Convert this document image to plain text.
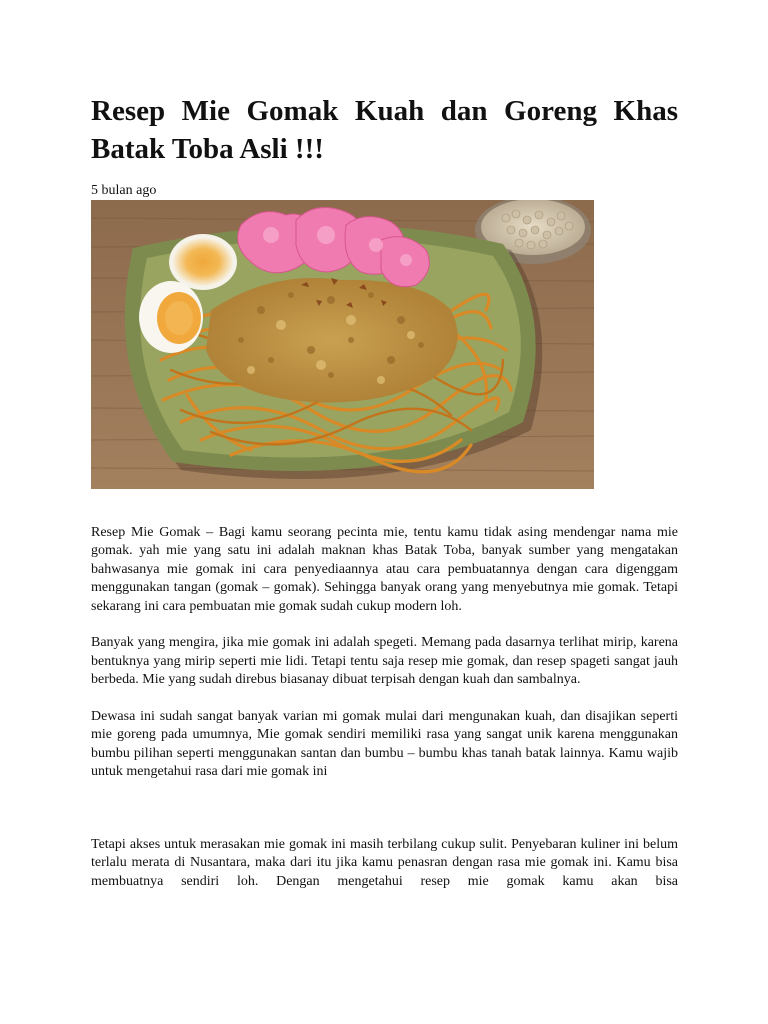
Resep Mie Gomak Kuah dan Goreng Khas Batak Toba Asli !!!
5 bulan ago

Resep Mie Gomak – Bagi kamu seorang pecinta mie, tentu kamu tidak asing mendengar nama mie gomak. yah mie yang satu ini adalah maknan khas Batak Toba, banyak sumber yang mengatakan bahwasanya mie gomak ini cara penyediaannya atau cara pembuatannya dengan cara digenggam menggunakan tangan (gomak – gomak). Sehingga banyak orang yang menyebutnya mie gomak. Tetapi sekarang ini cara pembuatan mie gomak sudah cukup modern loh.

Banyak yang mengira, jika mie gomak ini adalah spegeti. Memang pada dasarnya terlihat mirip, karena bentuknya yang mirip seperti mie lidi. Tetapi tentu saja resep mie gomak, dan resep spageti sangat jauh berbeda. Mie yang sudah direbus biasanay dibuat terpisah dengan kuah dan sambalnya.

Dewasa ini sudah sangat banyak varian mi gomak mulai dari mengunakan kuah, dan disajikan seperti mie goreng pada umumnya, Mie gomak sendiri memiliki rasa yang sangat unik karena menggunakan bumbu pilihan seperti menggunakan santan dan bumbu – bumbu khas tanah batak lainnya. Kamu wajib untuk mengetahui rasa dari mie gomak ini

Tetapi akses untuk merasakan mie gomak ini masih terbilang cukup sulit. Penyebaran kuliner ini belum terlalu merata di Nusantara, maka dari itu jika kamu penasran dengan rasa mie gomak ini. Kamu bisa membuatnya sendiri loh. Dengan mengetahui resep mie gomak kamu akan bisa
